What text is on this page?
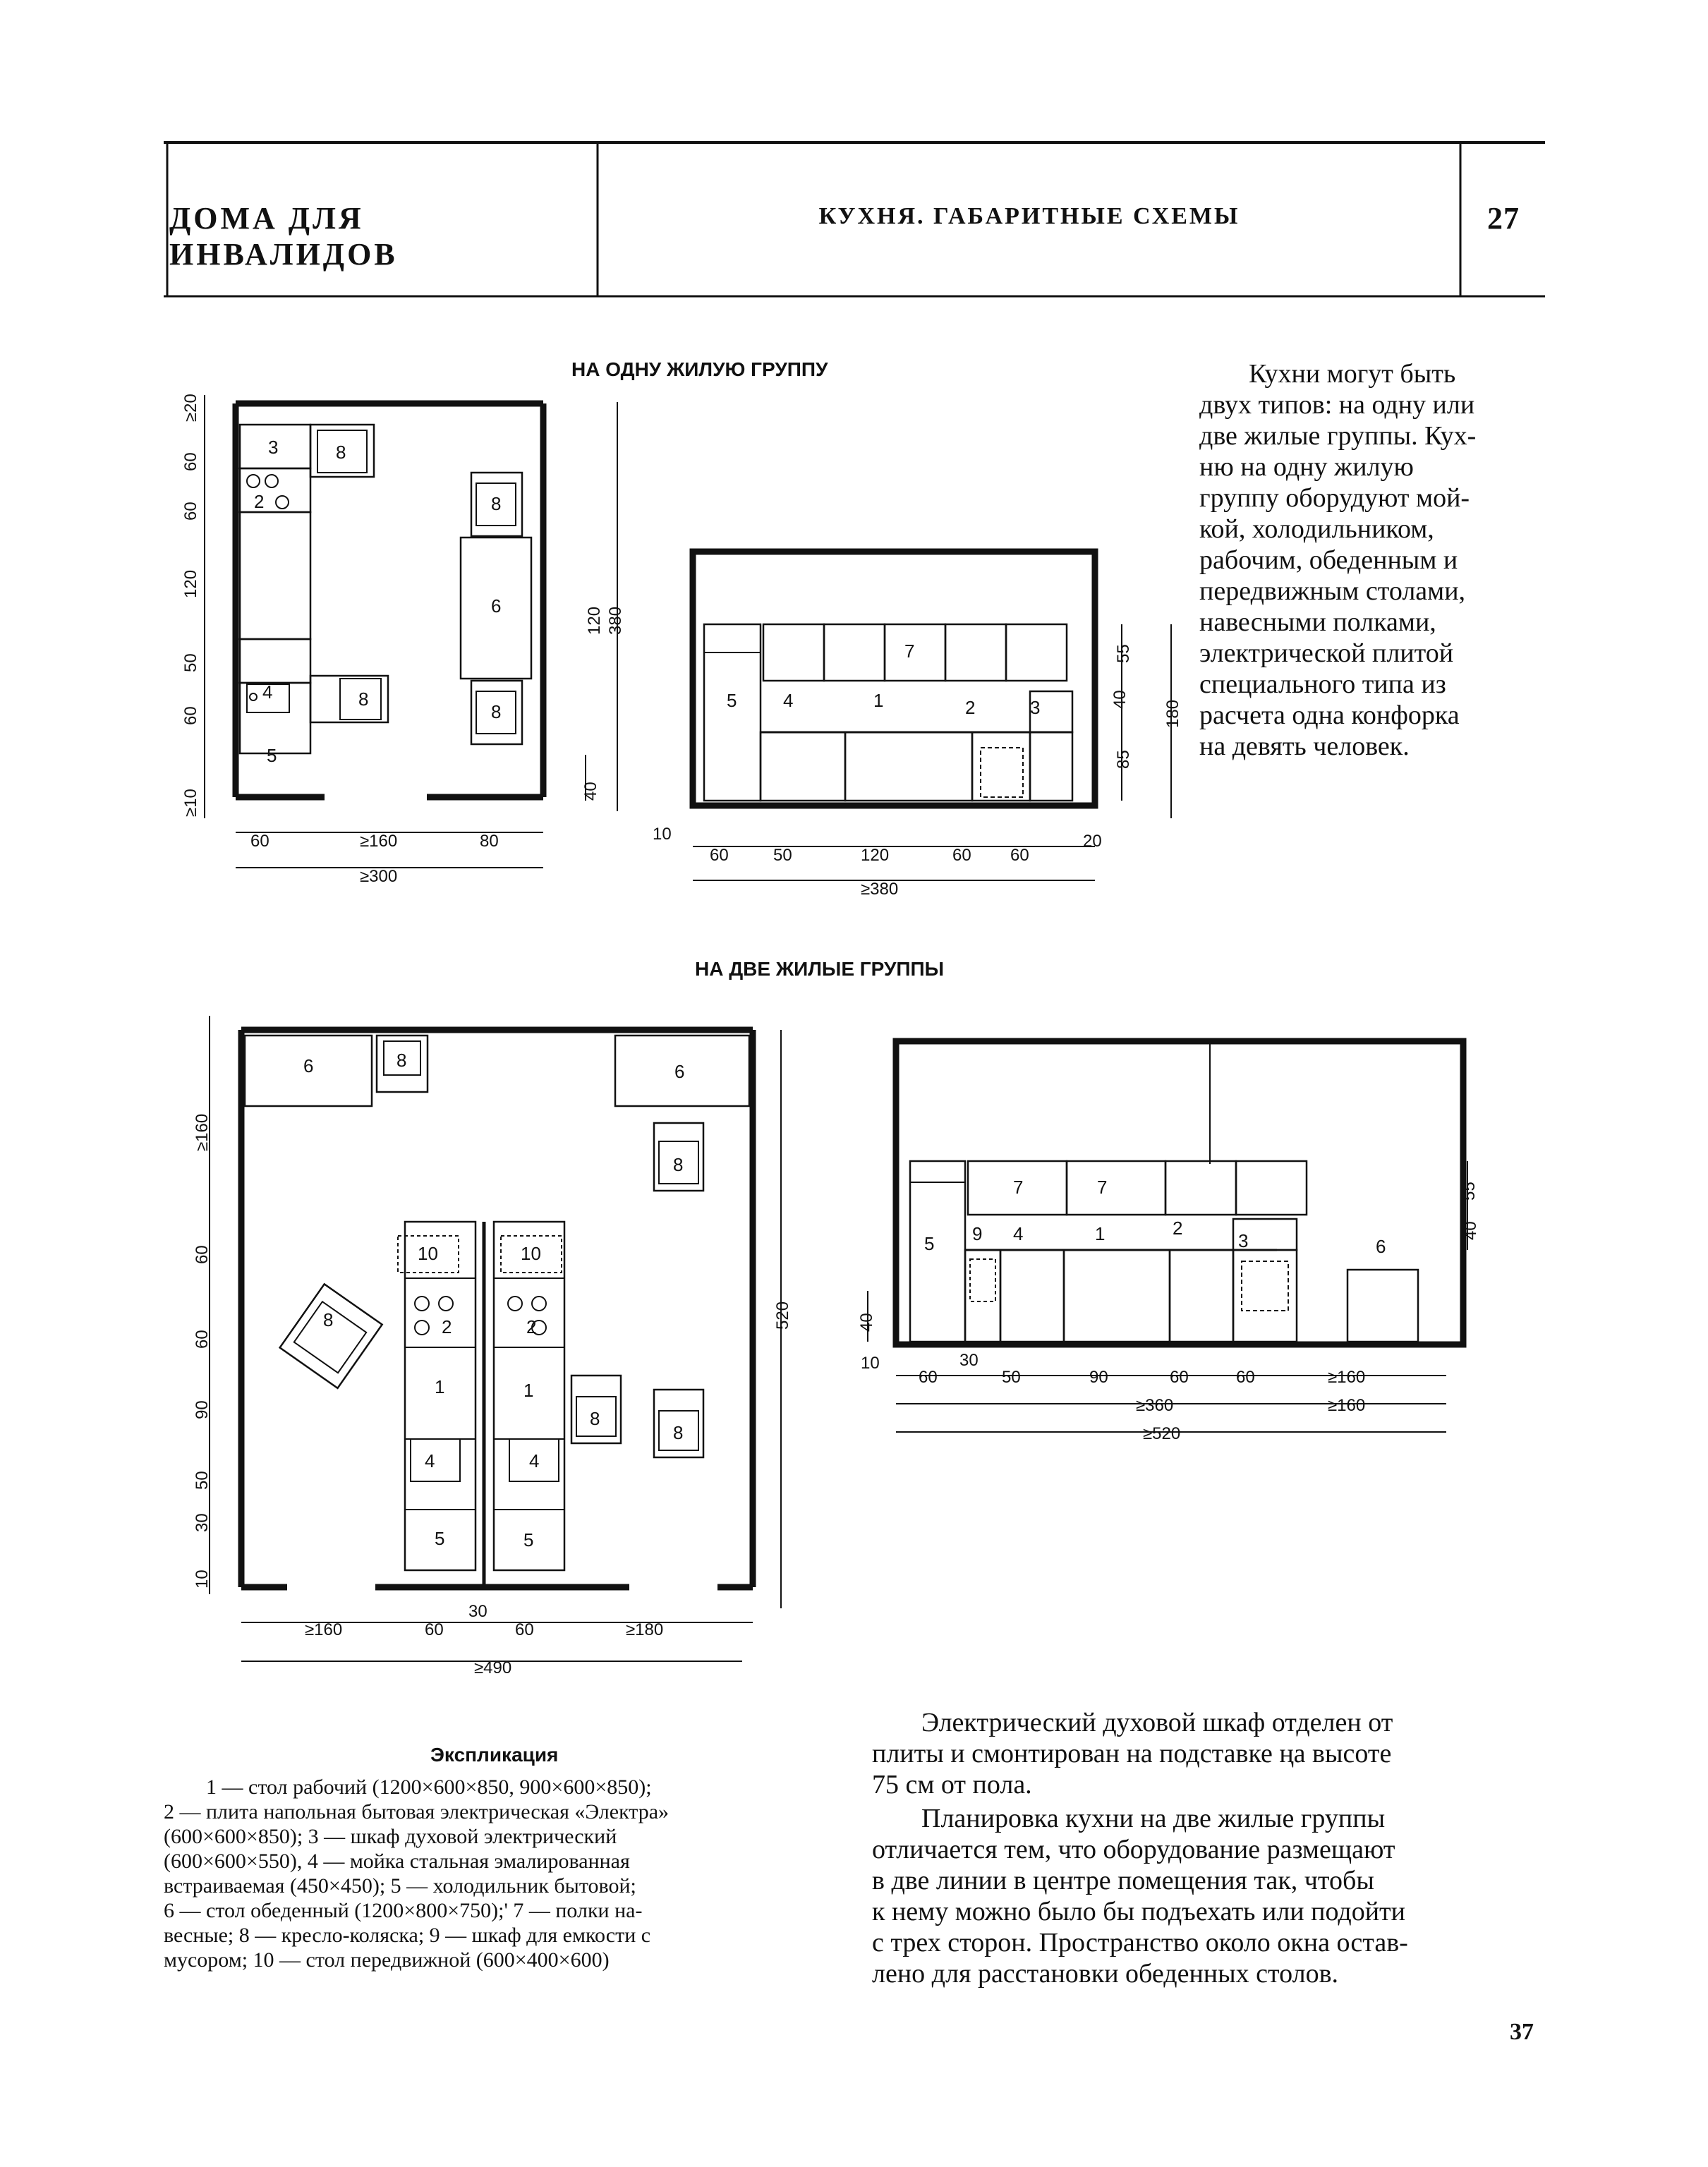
ДОМА ДЛЯ ИНВАЛИДОВ
КУХНЯ. ГАБАРИТНЫЕ СХЕМЫ	27
НА ОДНУ ЖИЛУЮ ГРУППУ
НА ДВЕ ЖИЛЫЕ ГРУППЫ
Кухни могут быть
двух типов: на одну или
две жилые группы. Кух-
ню на одну жилую
группу оборудуют мой-
кой, холодильником,
рабочим, обеденным и
передвижным столами,
навесными полками,
электрической плитой
специального типа из
расчета одна конфорка
на девять человек.
≥20
60
60
120
50
60
≥10
60	≥160	80
≥300
3	8
2	8
6
4	8
8
5
120 380
40
55
40
85
180
10
60	50	120	60 60
20
≥380
7
5	4	1	2	3
≥160
60
60
90
50
30
10
520
≥160	60
30
60	≥180
≥490
6	8
6
8
10	10
8	2	2
1	1
8
8
4	4
5	5
40
55
40
10
60
30
50	90	60	60	≥160
≥360	≥160
≥520
7	7
5 9 4	1	2
3	6
Экспликация
1 — стол рабочий (1200×600×850, 900×600×850);
2 — плита напольная бытовая электрическая «Электра»
(600×600×850); 3 — шкаф духовой электрический
(600×600×550), 4 — мойка стальная эмалированная
встраиваемая (450×450); 5 — холодильник бытовой;
6 — стол обеденный (1200×800×750);' 7 — полки на-
весные; 8 — кресло-коляска; 9 — шкаф для емкости с
мусором; 10 — стол передвижной (600×400×600)
Электрический духовой шкаф отделен от
плиты и смонтирован на подставке ңа высоте
75 см от пола.
Планировка кухни на две жилые группы
отличается тем, что оборудование размещают
в две линии в центре помещения так, чтобы
к нему можно было бы подъехать или подойти
с трех сторон. Пространство около окна остав-
лено для расстановки обеденных столов.
37
